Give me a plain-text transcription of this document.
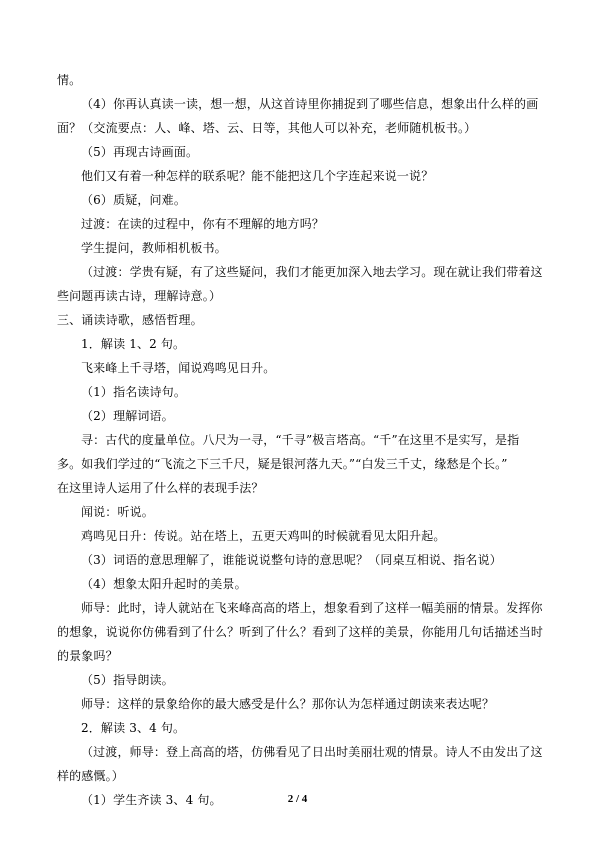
情。
（4）你再认真读一读，想一想，从这首诗里你捕捉到了哪些信息，想象出什么样的画
面？（交流要点：人、峰、塔、云、日等，其他人可以补充，老师随机板书。）
（5）再现古诗画面。
他们又有着一种怎样的联系呢？能不能把这几个字连起来说一说？
（6）质疑，问难。
过渡：在读的过程中，你有不理解的地方吗？
学生提问，教师相机板书。
（过渡：学贵有疑，有了这些疑问，我们才能更加深入地去学习。现在就让我们带着这
些问题再读古诗，理解诗意。）
三、诵读诗歌，感悟哲理。
1．解读 1、2 句。
飞来峰上千寻塔，闻说鸡鸣见日升。
（1）指名读诗句。
（2）理解词语。
寻：古代的度量单位。八尺为一寻，“千寻”极言塔高。“千”在这里不是实写，是指
多。如我们学过的“飞流之下三千尺，疑是银河落九天。”“白发三千丈，缘愁是个长。”
在这里诗人运用了什么样的表现手法？
闻说：听说。
鸡鸣见日升：传说。站在塔上，五更天鸡叫的时候就看见太阳升起。
（3）词语的意思理解了，谁能说说整句诗的意思呢？（同桌互相说、指名说）
（4）想象太阳升起时的美景。
师导：此时，诗人就站在飞来峰高高的塔上，想象看到了这样一幅美丽的情景。发挥你
的想象，说说你仿佛看到了什么？听到了什么？看到了这样的美景，你能用几句话描述当时
的景象吗？
（5）指导朗读。
师导：这样的景象给你的最大感受是什么？那你认为怎样通过朗读来表达呢？
2．解读 3、4 句。
（过渡，师导：登上高高的塔，仿佛看见了日出时美丽壮观的情景。诗人不由发出了这
样的感慨。）
（1）学生齐读 3、4 句。	2 / 4
